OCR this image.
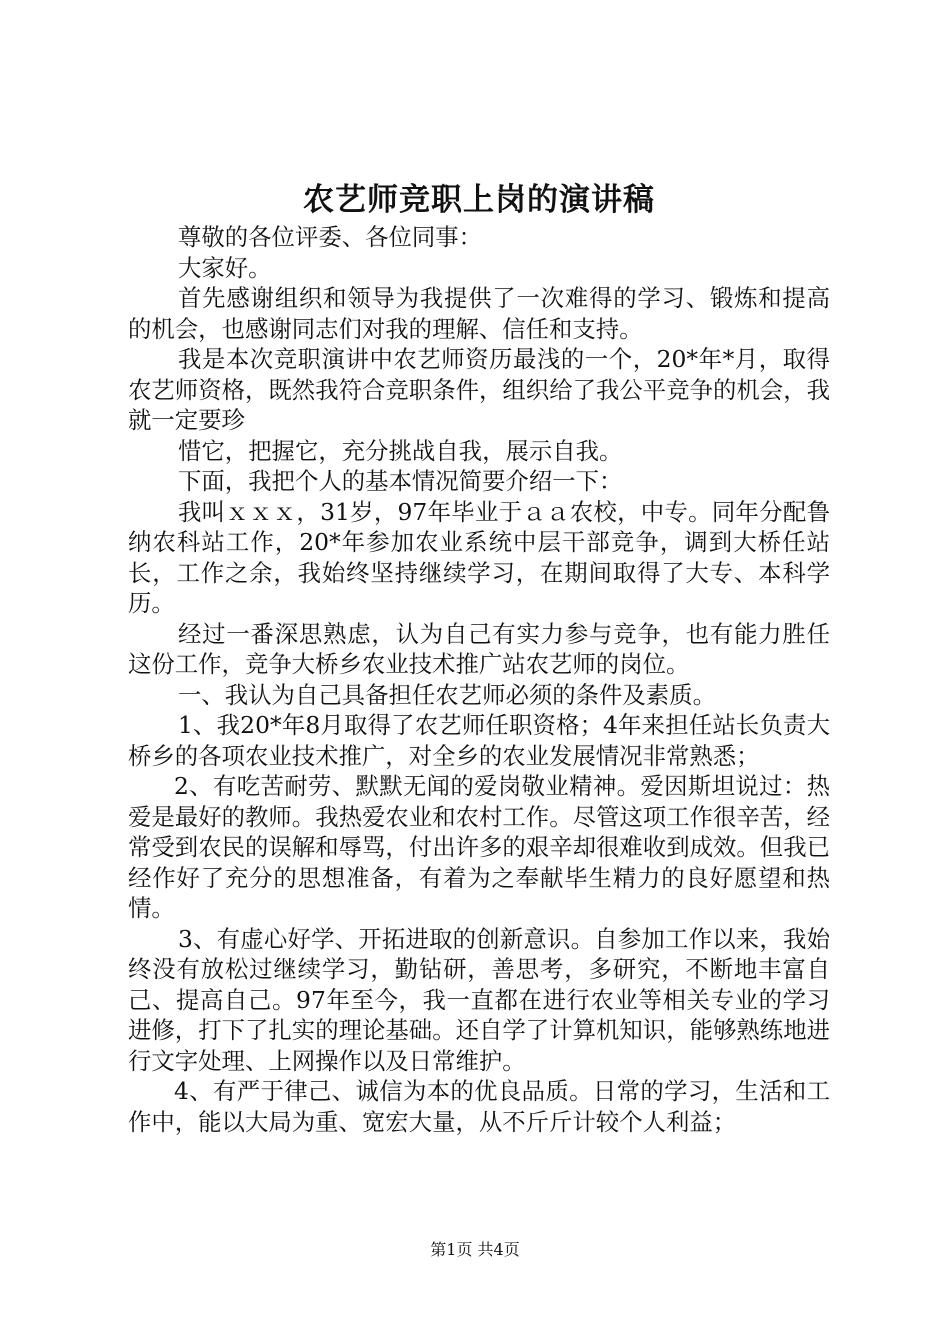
农艺师竞职上岗的演讲稿

尊敬的各位评委、各位同事：

大家好。

首先感谢组织和领导为我提供了一次难得的学习、锻炼和提高的机会，也感谢同志们对我的理解、信任和支持。

我是本次竞职演讲中农艺师资历最浅的一个，20*年*月，取得农艺师资格，既然我符合竞职条件，组织给了我公平竞争的机会，我就一定要珍

惜它，把握它，充分挑战自我，展示自我。

下面，我把个人的基本情况简要介绍一下：

我叫ｘｘｘ，31岁，97年毕业于ａａ农校，中专。同年分配鲁纳农科站工作，20*年参加农业系统中层干部竞争，调到大桥任站长，工作之余，我始终坚持继续学习，在期间取得了大专、本科学历。

经过一番深思熟虑，认为自己有实力参与竞争，也有能力胜任这份工作，竞争大桥乡农业技术推广站农艺师的岗位。

一、我认为自己具备担任农艺师必须的条件及素质。

1、我20*年8月取得了农艺师任职资格；4年来担任站长负责大桥乡的各项农业技术推广，对全乡的农业发展情况非常熟悉；

2、有吃苦耐劳、默默无闻的爱岗敬业精神。爱因斯坦说过：热爱是最好的教师。我热爱农业和农村工作。尽管这项工作很辛苦，经常受到农民的误解和辱骂，付出许多的艰辛却很难收到成效。但我已经作好了充分的思想准备，有着为之奉献毕生精力的良好愿望和热情。

3、有虚心好学、开拓进取的创新意识。自参加工作以来，我始终没有放松过继续学习，勤钻研，善思考，多研究，不断地丰富自己、提高自己。97年至今，我一直都在进行农业等相关专业的学习进修，打下了扎实的理论基础。还自学了计算机知识，能够熟练地进行文字处理、上网操作以及日常维护。

4、有严于律己、诚信为本的优良品质。日常的学习，生活和工作中，能以大局为重、宽宏大量，从不斤斤计较个人利益；

第1页 共4页
